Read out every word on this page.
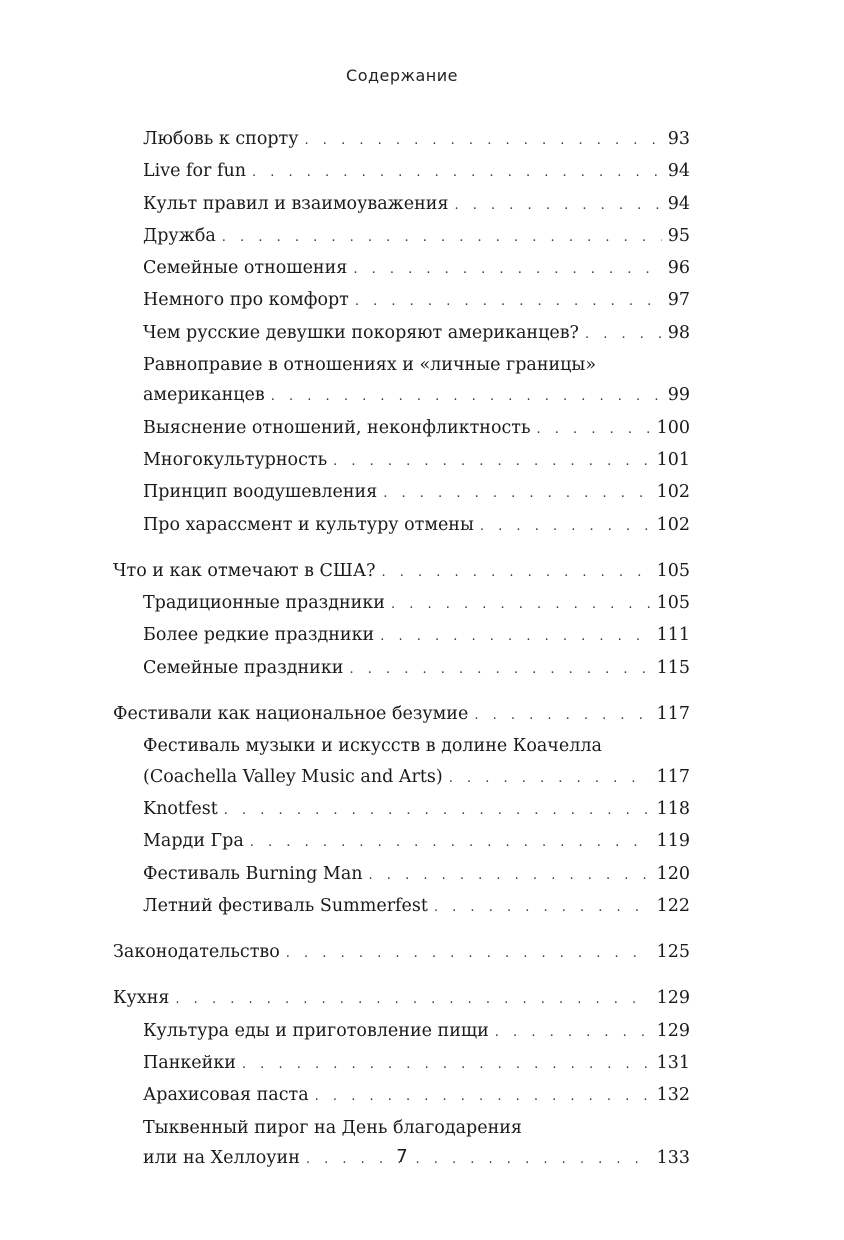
Содержание
Любовь к спорту . . .	93
Live for fun . . .	94
Культ правил и взаимоуважения . . .	94
Дружба . . .	95
Семейные отношения . . .	96
Немного про комфорт . . .	97
Чем русские девушки покоряют американцев? . . .	98
Равноправие в отношениях и «личные границы»
американцев . . .	99
Выяснение отношений, неконфликтность . . .	100
Многокультурность . . .	101
Принцип воодушевления . . .	102
Про харассмент и культуру отмены . . .	102
Что и как отмечают в США? . . .	105
Традиционные праздники . . .	105
Более редкие праздники . . .	111
Семейные праздники . . .	115
Фестивали как национальное безумие . . .	117
Фестиваль музыки и искусств в долине Коачелла
(Coachella Valley Music and Arts) . . .	117
Knotfest . . .	118
Марди Гра . . .	119
Фестиваль Burning Man . . .	120
Летний фестиваль Summerfest . . .	122
Законодательство . . .	125
Кухня . . .	129
Культура еды и приготовление пищи . . .	129
Панкейки . . .	131
Арахисовая паста . . .	132
Тыквенный пирог на День благодарения
или на Хеллоуин . . .	133
7
